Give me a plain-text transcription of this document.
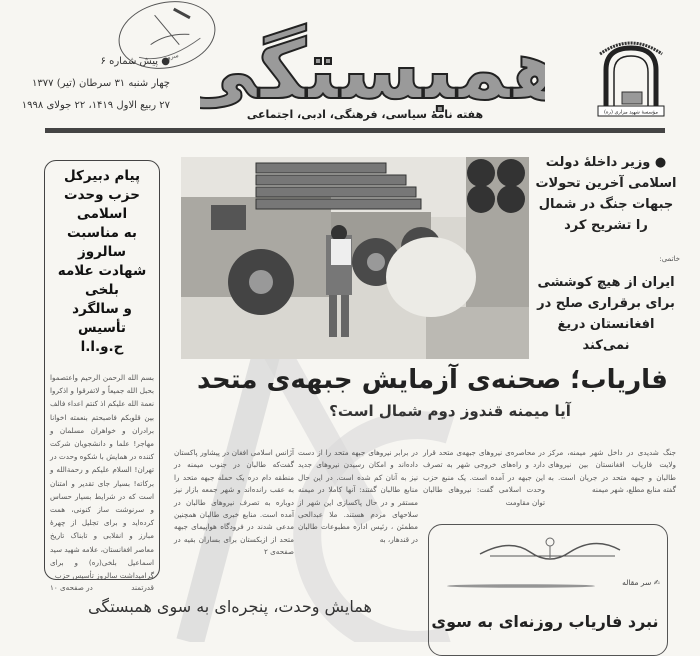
سرور
● پیش شماره ۶
چهار شنبه ۳۱ سرطان (تیر) ۱۳۷۷
۲۷ ربیع الاول ۱۴۱۹، ۲۲ جولای ۱۹۹۸ همبستگی
هفته نامهٔ سیاسی، فرهنگی، ادبی، اجتماعی	مؤسسهٔ شهید مزاری (ره)
پیام دبیرکل
حزب وحدت اسلامی
به مناسبت سالروز
شهادت علامه بلخی
و سالگرد تأسیس
ح.و.ا.ا
بسم الله الرحمن الرحیم واعتصموا بحبل الله جمیعاً و لاتفرقوا و اذکروا نعمة الله علیکم اذ کنتم اعداء فالف بین قلوبکم فاصبحتم بنعمته اخوانا برادران و خواهران مسلمان و مهاجر! علما و دانشجویان شرکت کننده در همایش با شکوه وحدت در تهران! السلام علیکم و رحمةالله و برکاته! بسیار جای تقدیر و امتنان است که در شرایط بسیار حساس و سرنوشت ساز کنونی، همت کرده‌اید و برای تجلیل از چهرهٔ مبارز و انقلابی و تابناک تاریخ معاصر افغانستان، علامه شهید سید اسماعیل بلخی(ره) و برای گرامیداشت سالروز تأسیس حزب
قدرتمند
در صفحه‌ی ۱۰
● وزیر داخلهٔ دولت اسلامی آخرین تحولات جبهات جنگ در شمال را تشریح کرد
خاتمی:
ایران از هیچ کوششی برای برقراری صلح در افغانستان دریغ نمی‌کند
فاریاب؛ صحنه‌ی آزمایش جبهه‌ی متحد
آیا میمنه قندوز دوم شمال است؟
جنگ شدیدی در داخل شهر میمنه، مرکز ولایت فاریاب افغانستان بین نیروهای طالبان و جبهه متحد در جریان است. به گفته منابع مطلع، شهر میمنه
در محاصره‌ی نیروهای جبهه‌ی متحد قرار دارد و راه‌های خروجی شهر به تصرف این جبهه در آمده است. یک منبع حزب وحدت اسلامی گفت: نیروهای طالبان توان مقاومت
در برابر نیروهای جبهه متحد را از دست داده‌اند و امکان رسیدن نیروهای جدید نیز به آنان کم شده است. در این حال منابع طالبان گفتند: آنها کاملا در میمنه مستقر و در حال پاکسازی این شهر از سلاحهای مردم هستند. ملا عبدالحی مطمئن ، رئیس اداره مطبوعات طالبان در قندهار، به
آژانس اسلامی افغان در پیشاور پاکستان گفت‌که طالبان در جنوب میمنه در منطقه دام دره یک حمله جبهه متحد را به عقب رانده‌اند و شهر جمعه بازار نیز دوباره به تصرف نیروهای طالبان در آمده است. منابع خبری طالبان همچنین مدعی شدند در فرودگاه هواپیمای جبهه متحد از ازبکستان برای بساران بقیه در صفحه‌ی ۲
✍ سر مقاله
نبرد فاریاب روزنه‌ای به سوی
همایش وحدت، پنجره‌ای به سوی همبستگی
